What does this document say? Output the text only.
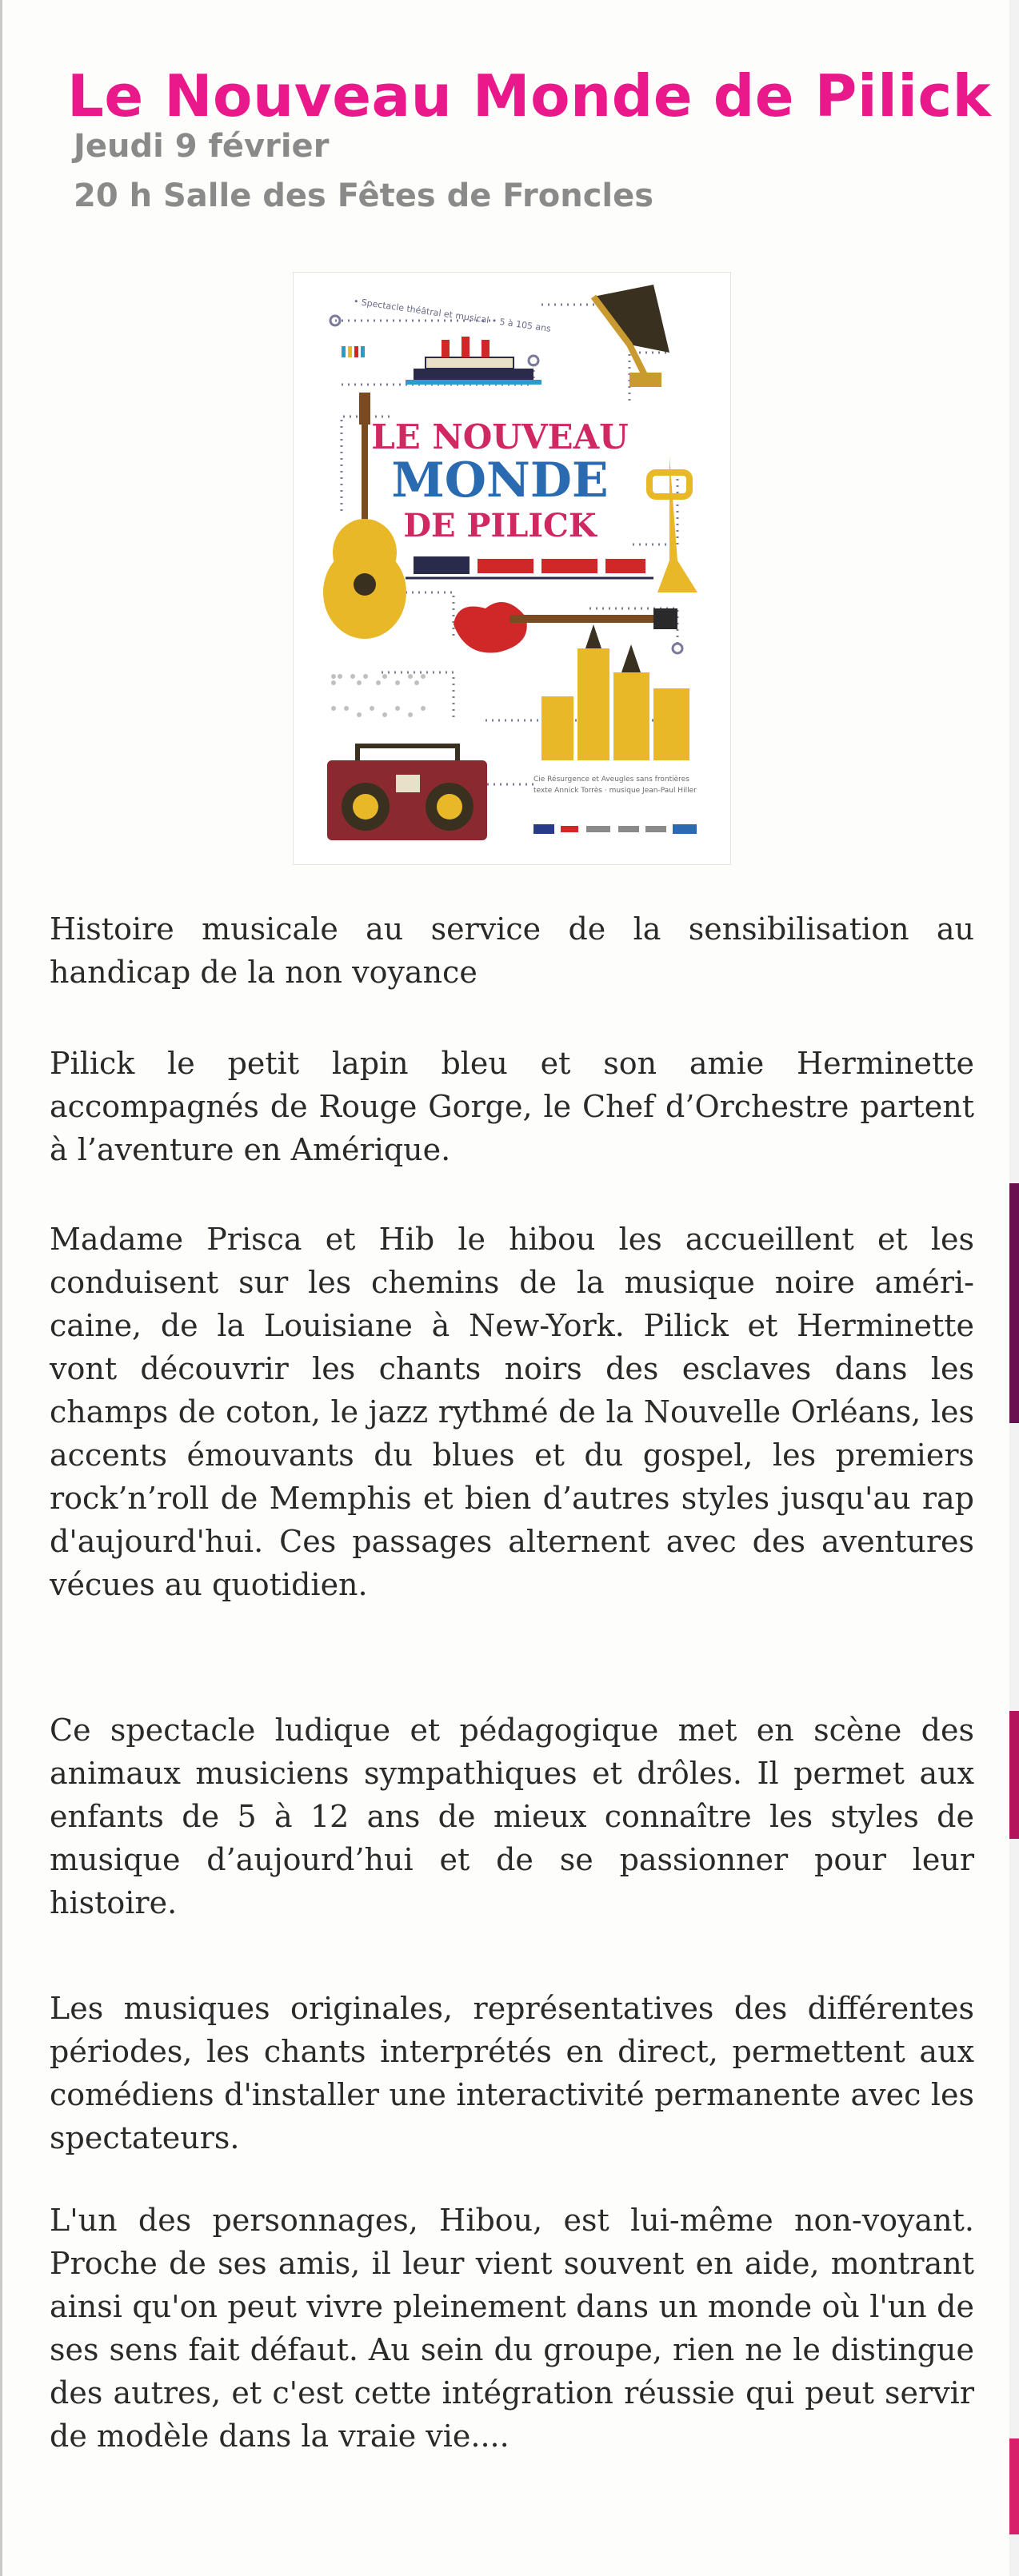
Le Nouveau Monde de Pilick

Jeudi 9 février

20 h Salle des Fêtes de Froncles

• Spectacle théâtral et musical • 5 à 105 ans
LE NOUVEAU
MONDE
DE PILICK
Cie Résurgence et Aveugles sans frontières
texte Annick Torrès · musique Jean-Paul Hiller

Histoire musicale au service de la sensibilisation au handicap de la non voyance

Pilick le petit lapin bleu et son amie Herminette accompagnés de Rouge Gorge, le Chef d’Orchestre partent à l’aventure en Amérique.

Madame Prisca et Hib le hibou les accueillent et les conduisent sur les chemins de la musique noire américaine, de la Louisiane à New-York. Pilick et Herminette vont découvrir les chants noirs des esclaves dans les champs de coton, le jazz rythmé de la Nouvelle Orléans, les accents émouvants du blues et du gospel, les premiers rock’n’roll de Memphis et bien d’autres styles jusqu'au rap d'aujourd'hui. Ces passages alternent avec des aventures vécues au quotidien.

Ce spectacle ludique et pédagogique met en scène des animaux musiciens sympathiques et drôles. Il permet aux enfants de 5 à 12 ans de mieux connaître les styles de musique d’aujourd’hui et de se passionner pour leur histoire.

Les musiques originales, représentatives des différentes périodes, les chants interprétés en direct, permettent aux comédiens d'installer une interactivité permanente avec les spectateurs.

L'un des personnages, Hibou, est lui-même non-voyant. Proche de ses amis, il leur vient souvent en aide, montrant ainsi qu'on peut vivre pleinement dans un monde où l'un de ses sens fait défaut. Au sein du groupe, rien ne le distingue des autres, et c'est cette intégration réussie qui peut servir de modèle dans la vraie vie....
